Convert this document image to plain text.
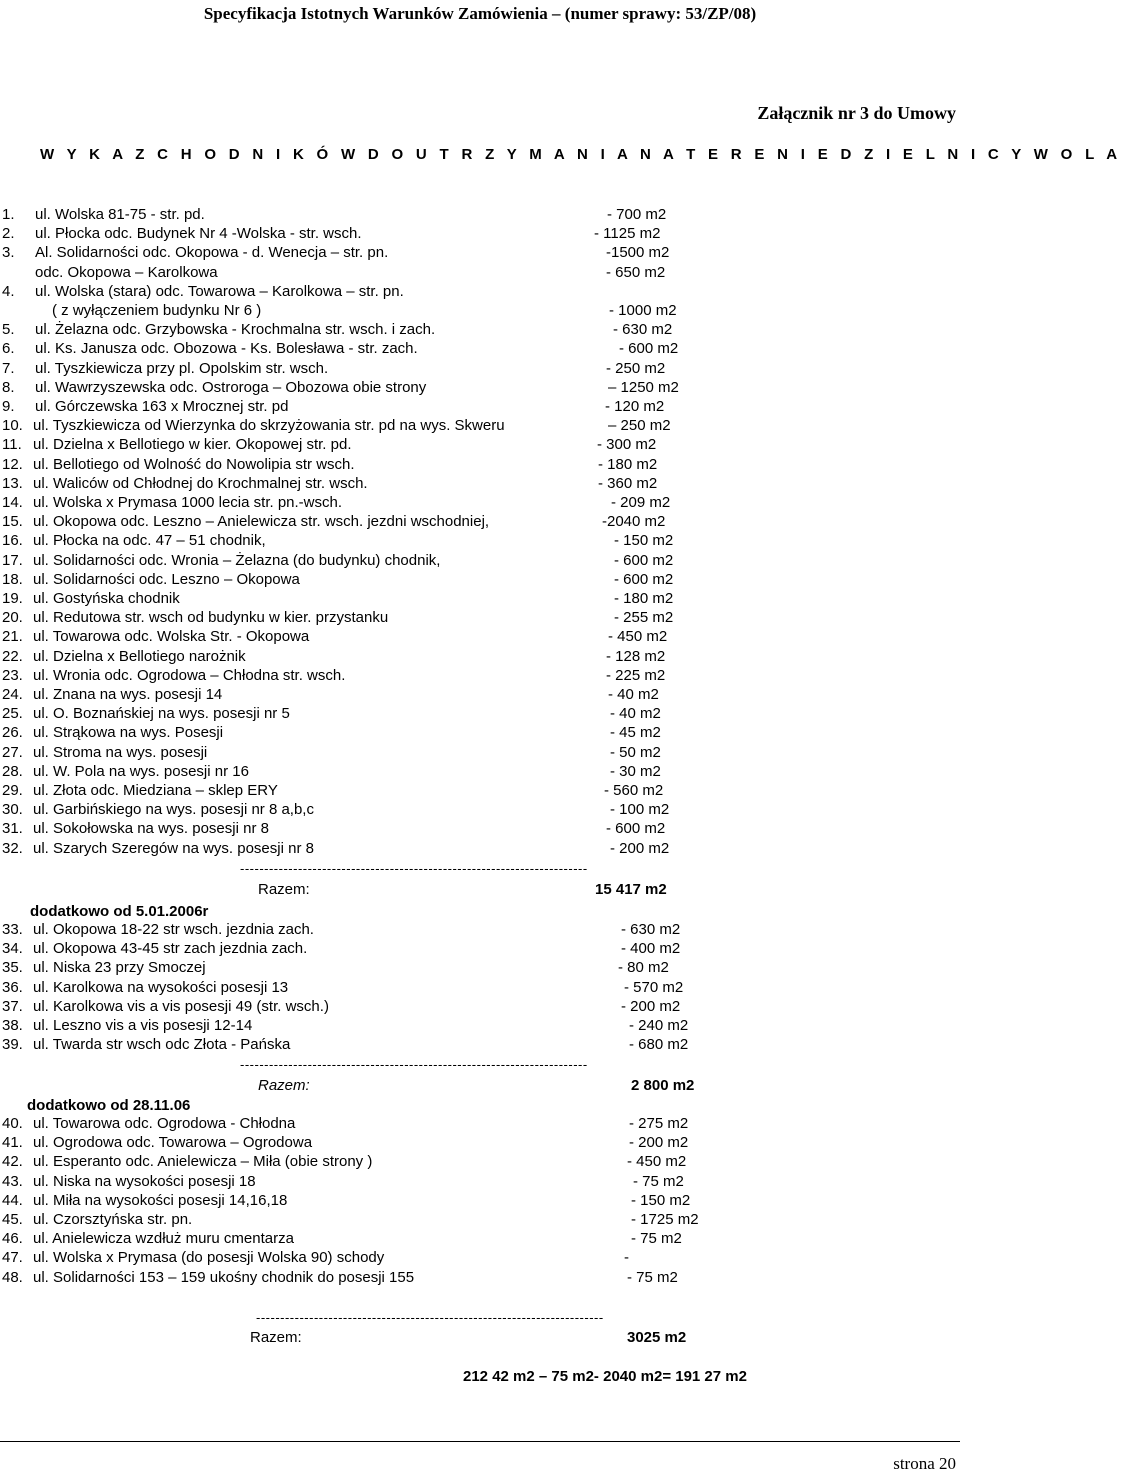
Specyfikacja Istotnych Warunków Zamówienia – (numer sprawy: 53/ZP/08)
Załącznik nr 3 do Umowy
W Y K A Z C H O D N I K Ó W D O U T R Z Y M A N I A N A T E R E N I E D Z I E L N I C Y W O L A
1. ul. Wolska 81-75 - str. pd.	- 700 m2
2. ul. Płocka odc. Budynek Nr 4 -Wolska - str. wsch.	- 1125 m2
3. Al. Solidarności odc. Okopowa - d. Wenecja – str. pn.	-1500 m2
odc. Okopowa – Karolkowa	- 650 m2
4. ul. Wolska (stara) odc. Towarowa – Karolkowa – str. pn.
( z wyłączeniem budynku Nr 6 )	- 1000 m2
5. ul. Żelazna odc. Grzybowska - Krochmalna str. wsch. i zach.	- 630 m2
6. ul. Ks. Janusza odc. Obozowa - Ks. Bolesława - str. zach.	- 600 m2
7. ul. Tyszkiewicza przy pl. Opolskim str. wsch.	- 250 m2
8. ul. Wawrzyszewska odc. Ostroroga – Obozowa obie strony	– 1250 m2
9. ul. Górczewska 163 x Mrocznej str. pd	- 120 m2
10. ul. Tyszkiewicza od Wierzynka do skrzyżowania str. pd na wys. Skweru	– 250 m2
11. ul. Dzielna x Bellotiego w kier. Okopowej str. pd.	- 300 m2
12. ul. Bellotiego od Wolność do Nowolipia str wsch.	- 180 m2
13. ul. Waliców od Chłodnej do Krochmalnej str. wsch.	- 360 m2
14. ul. Wolska x Prymasa 1000 lecia str. pn.-wsch.	- 209 m2
15. ul. Okopowa odc. Leszno – Anielewicza str. wsch. jezdni wschodniej,	-2040 m2
16. ul. Płocka na odc. 47 – 51 chodnik,	- 150 m2
17. ul. Solidarności odc. Wronia – Żelazna (do budynku) chodnik,	- 600 m2
18. ul. Solidarności odc. Leszno – Okopowa	- 600 m2
19. ul. Gostyńska chodnik	- 180 m2
20. ul. Redutowa str. wsch od budynku w kier. przystanku	- 255 m2
21. ul. Towarowa odc. Wolska Str. - Okopowa	- 450 m2
22. ul. Dzielna x Bellotiego narożnik	- 128 m2
23. ul. Wronia odc. Ogrodowa – Chłodna str. wsch.	- 225 m2
24. ul. Znana na wys. posesji 14	- 40 m2
25. ul. O. Boznańskiej na wys. posesji nr 5	- 40 m2
26. ul. Strąkowa na wys. Posesji	- 45 m2
27. ul. Stroma na wys. posesji	- 50 m2
28. ul. W. Pola na wys. posesji nr 16	- 30 m2
29. ul. Złota odc. Miedziana – sklep ERY	- 560 m2
30. ul. Garbińskiego na wys. posesji nr 8 a,b,c	- 100 m2
31. ul. Sokołowska na wys. posesji nr 8	- 600 m2
32. ul. Szarych Szeregów na wys. posesji nr 8	- 200 m2
------------------------------------------------------------------------
Razem:	15 417 m2
dodatkowo od 5.01.2006r
33. ul. Okopowa 18-22 str wsch. jezdnia zach.	- 630 m2
34. ul. Okopowa 43-45 str zach jezdnia zach.	- 400 m2
35. ul. Niska 23 przy Smoczej	- 80 m2
36. ul. Karolkowa na wysokości posesji 13	- 570 m2
37. ul. Karolkowa vis a vis posesji 49 (str. wsch.)	- 200 m2
38. ul. Leszno vis a vis posesji 12-14	- 240 m2
39. ul. Twarda str wsch odc Złota - Pańska	- 680 m2
------------------------------------------------------------------------
Razem:	2 800 m2
dodatkowo od 28.11.06
40. ul. Towarowa odc. Ogrodowa - Chłodna	- 275 m2
41. ul. Ogrodowa odc. Towarowa – Ogrodowa	- 200 m2
42. ul. Esperanto odc. Anielewicza – Miła (obie strony )	- 450 m2
43. ul. Niska na wysokości posesji 18	- 75 m2
44. ul. Miła na wysokości posesji 14,16,18	- 150 m2
45. ul. Czorsztyńska str. pn.	- 1725 m2
46. ul. Anielewicza wzdłuż muru cmentarza	- 75 m2
47. ul. Wolska x Prymasa (do posesji Wolska 90) schody	-
48. ul. Solidarności 153 – 159 ukośny chodnik do posesji 155	- 75 m2
------------------------------------------------------------------------
Razem:	3025 m2
212 42 m2 – 75 m2- 2040 m2= 191 27 m2
strona 20
